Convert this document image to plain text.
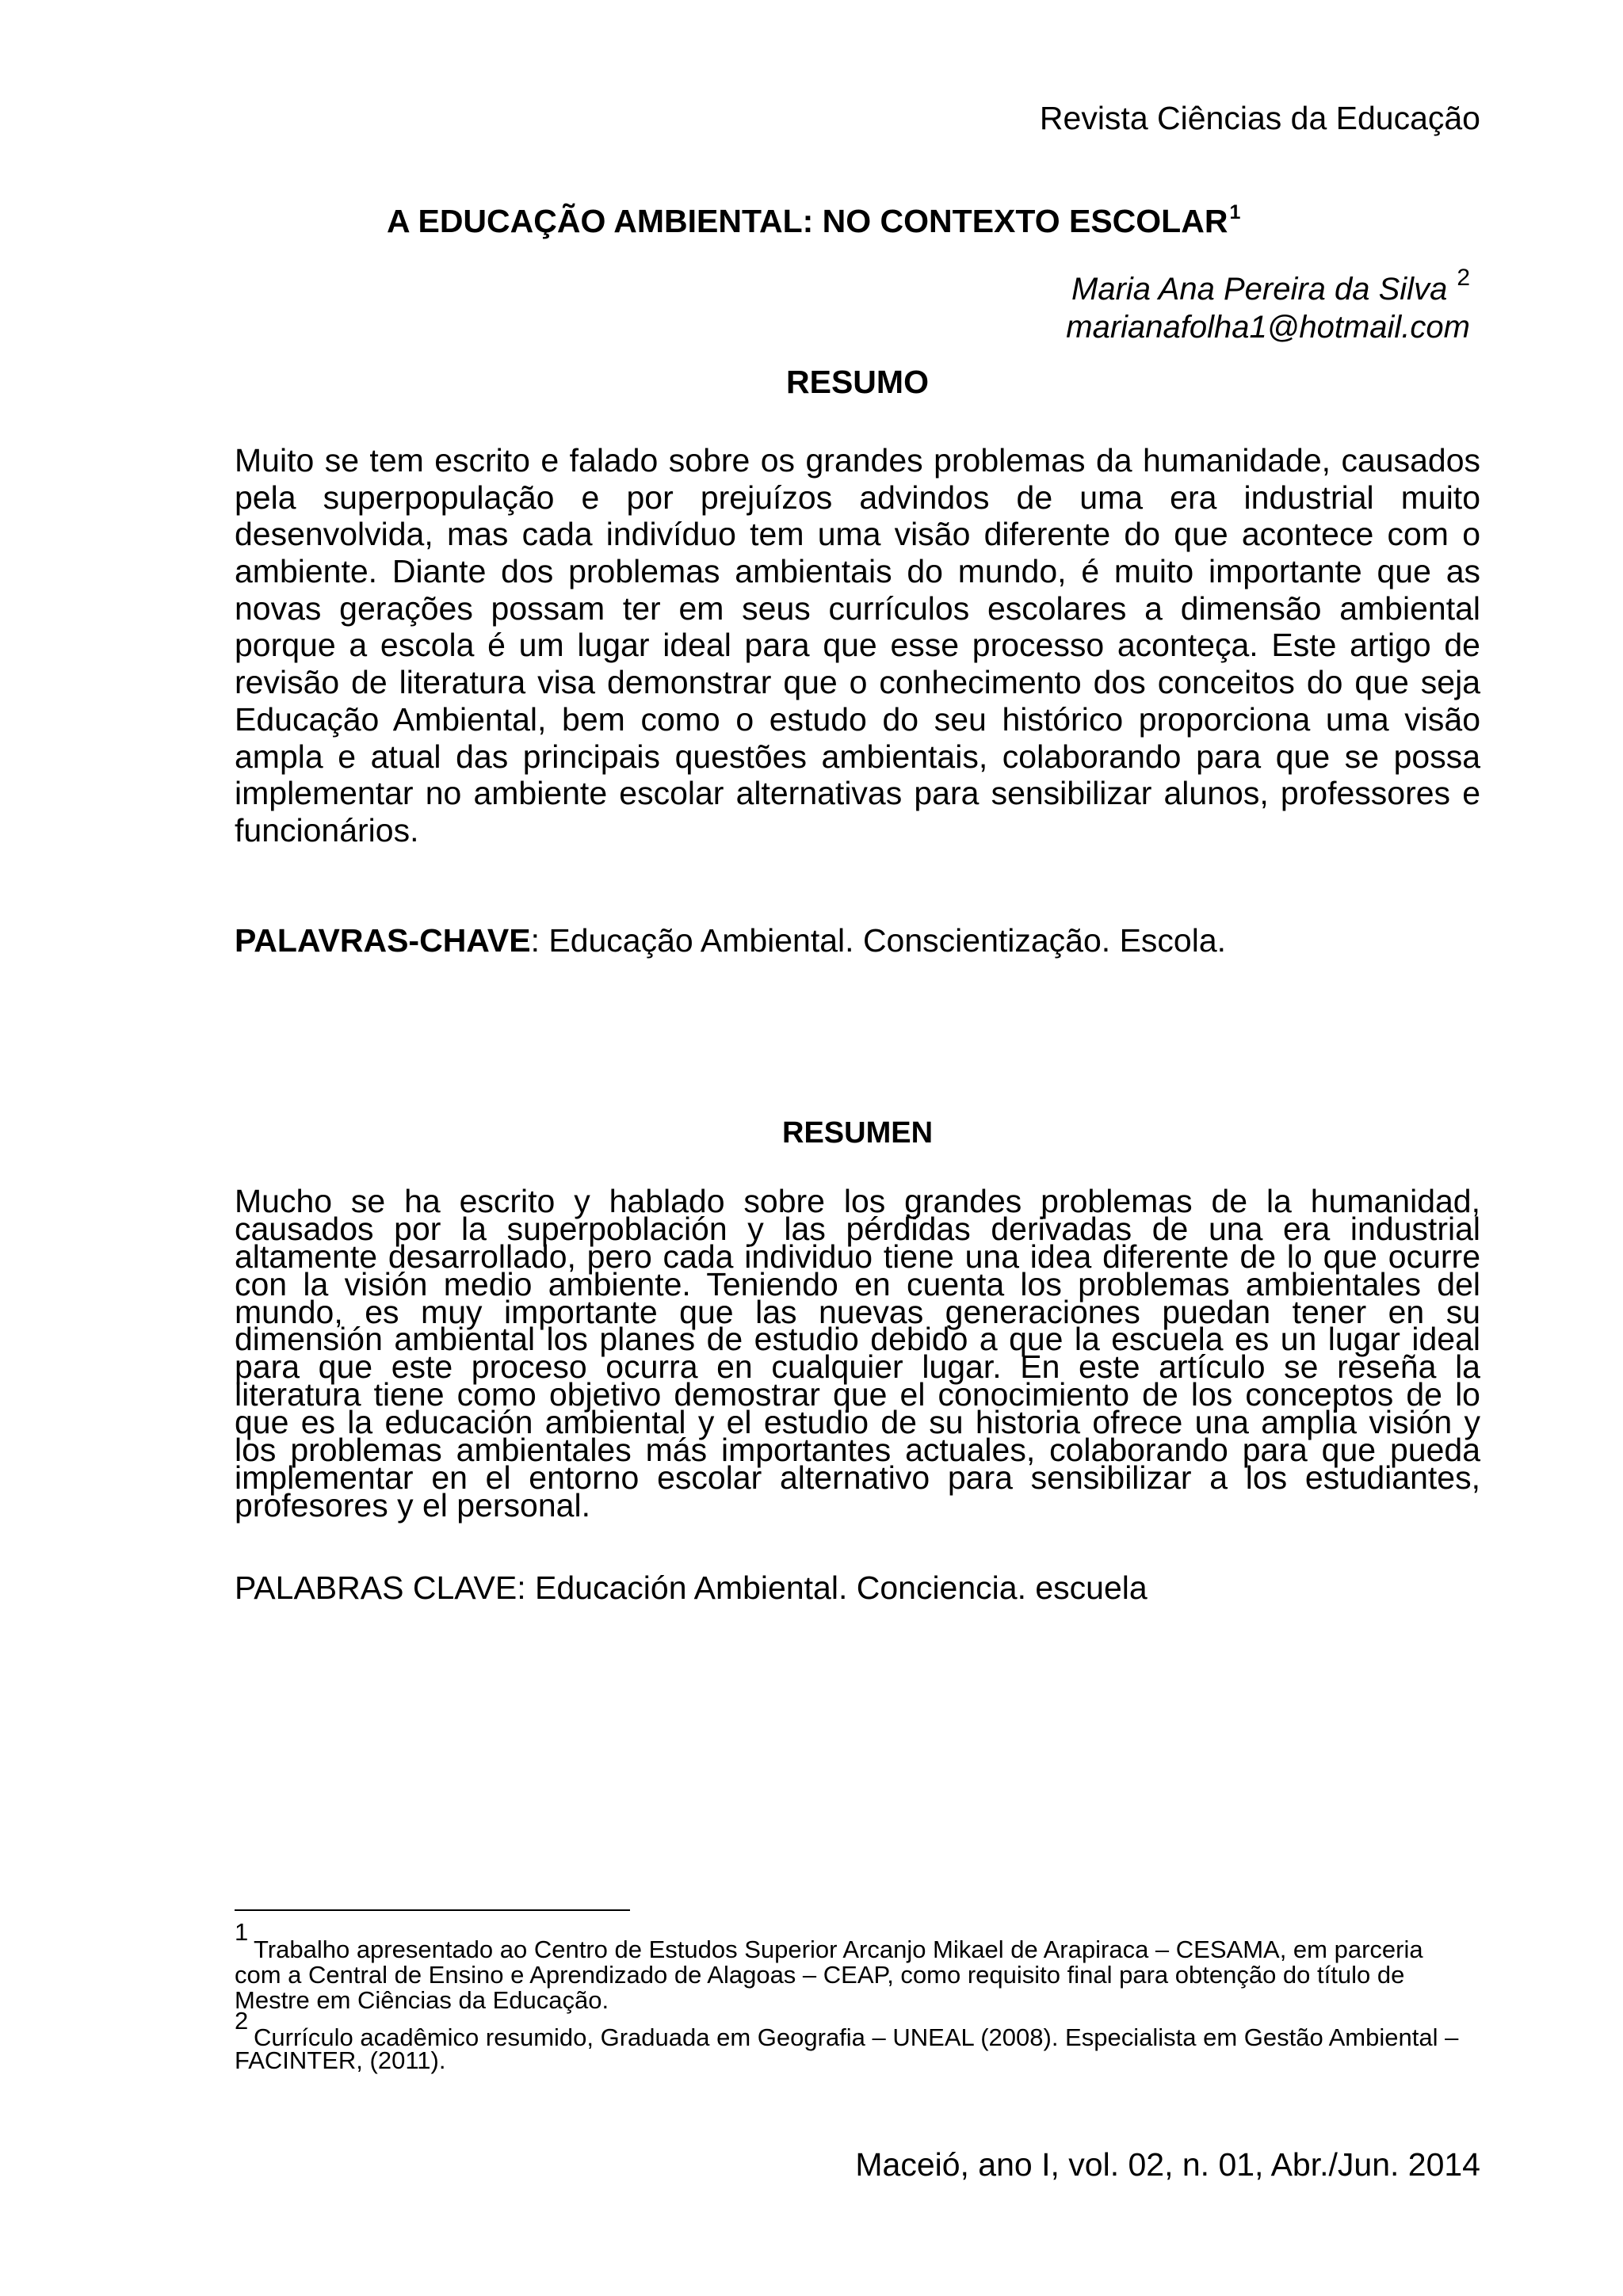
Revista Ciências da Educação
A EDUCAÇÃO AMBIENTAL: NO CONTEXTO ESCOLAR$^1$
Maria Ana Pereira da Silva $^2$
marianafolha1@hotmail.com
RESUMO
Muito se tem escrito e falado sobre os grandes problemas da humanidade, causados
pela superpopulação e por prejuízos advindos de uma era industrial muito
desenvolvida, mas cada indivíduo tem uma visão diferente do que acontece com o
ambiente. Diante dos problemas ambientais do mundo, é muito importante que as
novas gerações possam ter em seus currículos escolares a dimensão ambiental
porque a escola é um lugar ideal para que esse processo aconteça. Este artigo de
revisão de literatura visa demonstrar que o conhecimento dos conceitos do que seja
Educação Ambiental, bem como o estudo do seu histórico proporciona uma visão
ampla e atual das principais questões ambientais, colaborando para que se possa
implementar no ambiente escolar alternativas para sensibilizar alunos, professores e
funcionários.
PALAVRAS-CHAVE: Educação Ambiental. Conscientização. Escola.
RESUMEN
Mucho se ha escrito y hablado sobre los grandes problemas de la humanidad,
causados por la superpoblación y las pérdidas derivadas de una era industrial
altamente desarrollado, pero cada individuo tiene una idea diferente de lo que ocurre
con la visión medio ambiente. Teniendo en cuenta los problemas ambientales del
mundo, es muy importante que las nuevas generaciones puedan tener en su
dimensión ambiental los planes de estudio debido a que la escuela es un lugar ideal
para que este proceso ocurra en cualquier lugar. En este artículo se reseña la
literatura tiene como objetivo demostrar que el conocimiento de los conceptos de lo
que es la educación ambiental y el estudio de su historia ofrece una amplia visión y
los problemas ambientales más importantes actuales, colaborando para que pueda
implementar en el entorno escolar alternativo para sensibilizar a los estudiantes,
profesores y el personal.
PALABRAS CLAVE: Educación Ambiental. Conciencia. escuela
1
Trabalho apresentado ao Centro de Estudos Superior Arcanjo Mikael de Arapiraca – CESAMA, em parceria
com a Central de Ensino e Aprendizado de Alagoas – CEAP, como requisito final para obtenção do título de
Mestre em Ciências da Educação.
2
Currículo acadêmico resumido, Graduada em Geografia – UNEAL (2008). Especialista em Gestão Ambiental –
FACINTER, (2011).
Maceió, ano I, vol. 02, n. 01, Abr./Jun. 2014
